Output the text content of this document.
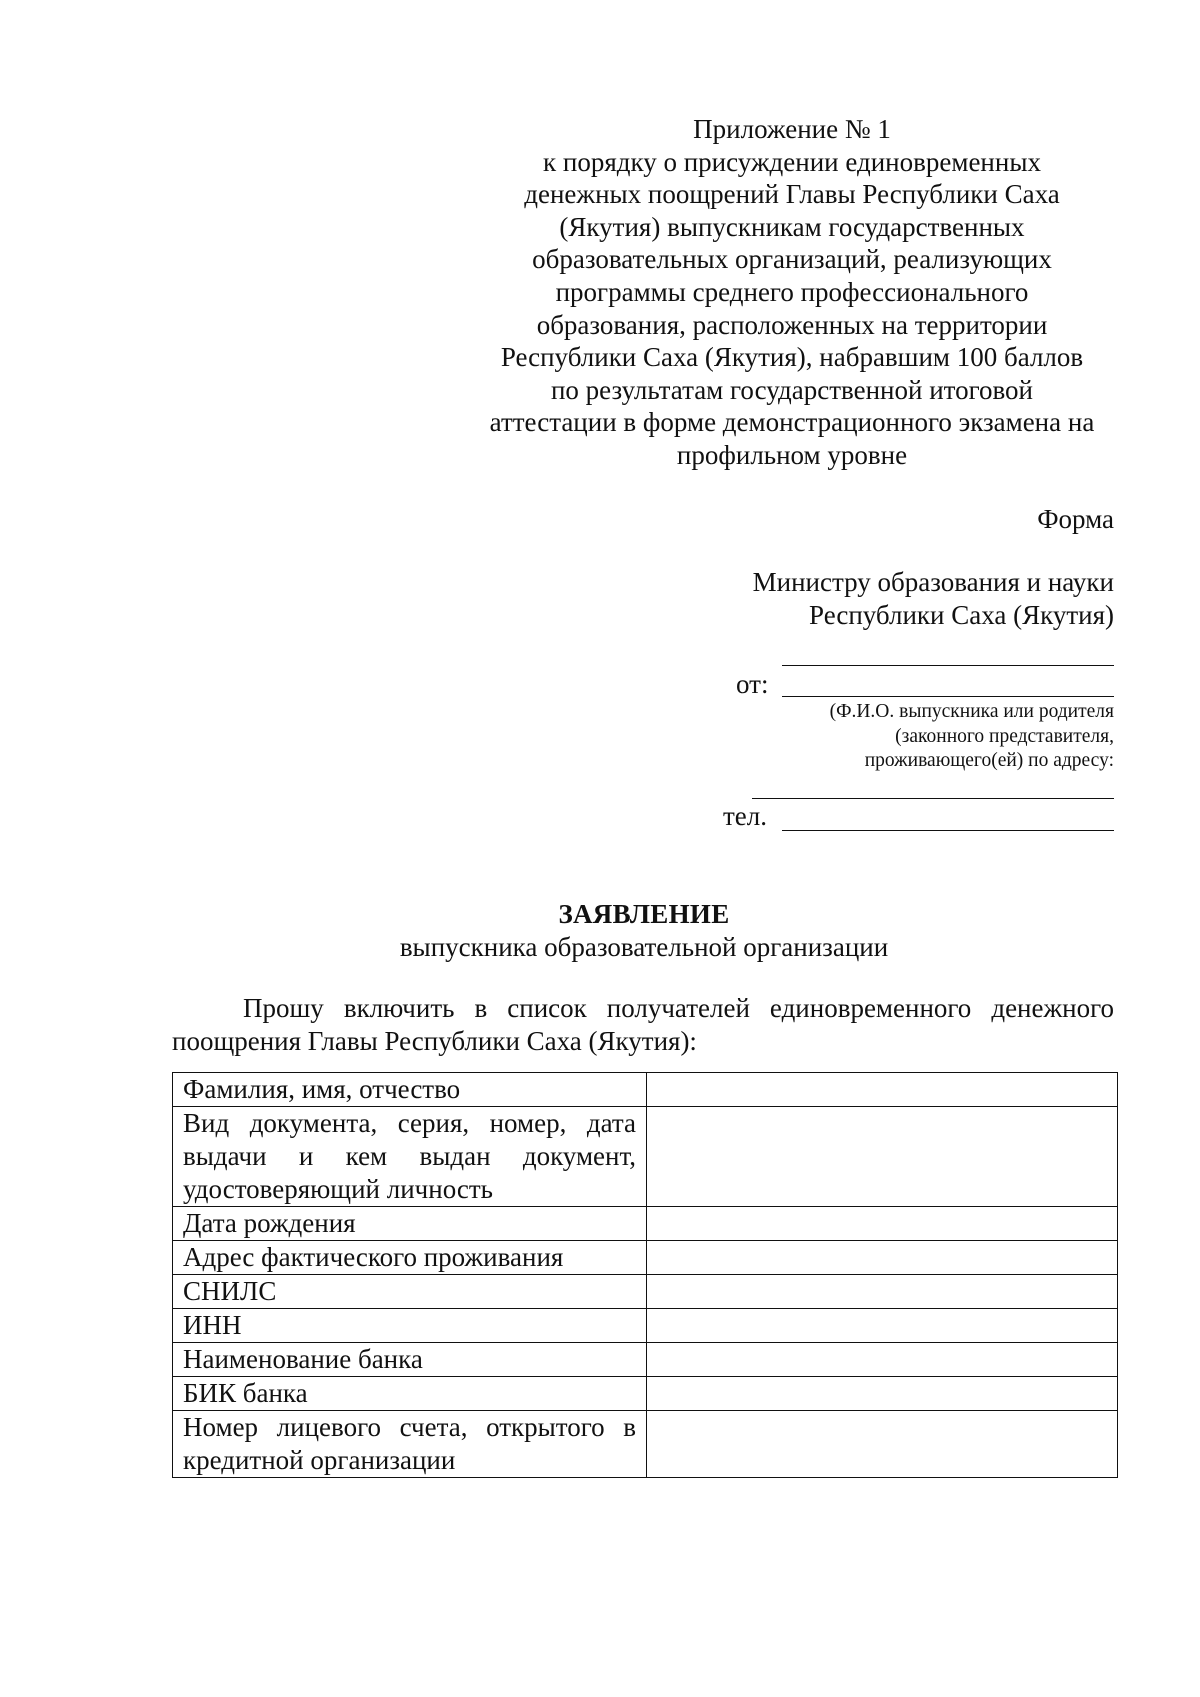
Приложение № 1
к порядку о присуждении единовременных
денежных поощрений Главы Республики Саха
(Якутия) выпускникам государственных
образовательных организаций, реализующих
программы среднего профессионального
образования, расположенных на территории
Республики Саха (Якутия), набравшим 100 баллов
по результатам государственной итоговой
аттестации в форме демонстрационного экзамена на
профильном уровне
Форма
Министру образования и науки
Республики Саха (Якутия)
от:
(Ф.И.О. выпускника или родителя
(законного представителя,
проживающего(ей) по адресу:
тел.
ЗАЯВЛЕНИЕ
выпускника образовательной организации
Прошу включить в список получателей единовременного денежного
поощрения Главы Республики Саха (Якутия):
Фамилия, имя, отчество	

Вид документа, серия, номер, дата
выдачи и кем выдан документ,
удостоверяющий личность	

Дата рождения	

Адрес фактического проживания	

СНИЛС	

ИНН	

Наименование банка	

БИК банка	

Номер лицевого счета, открытого в
кредитной организации	
